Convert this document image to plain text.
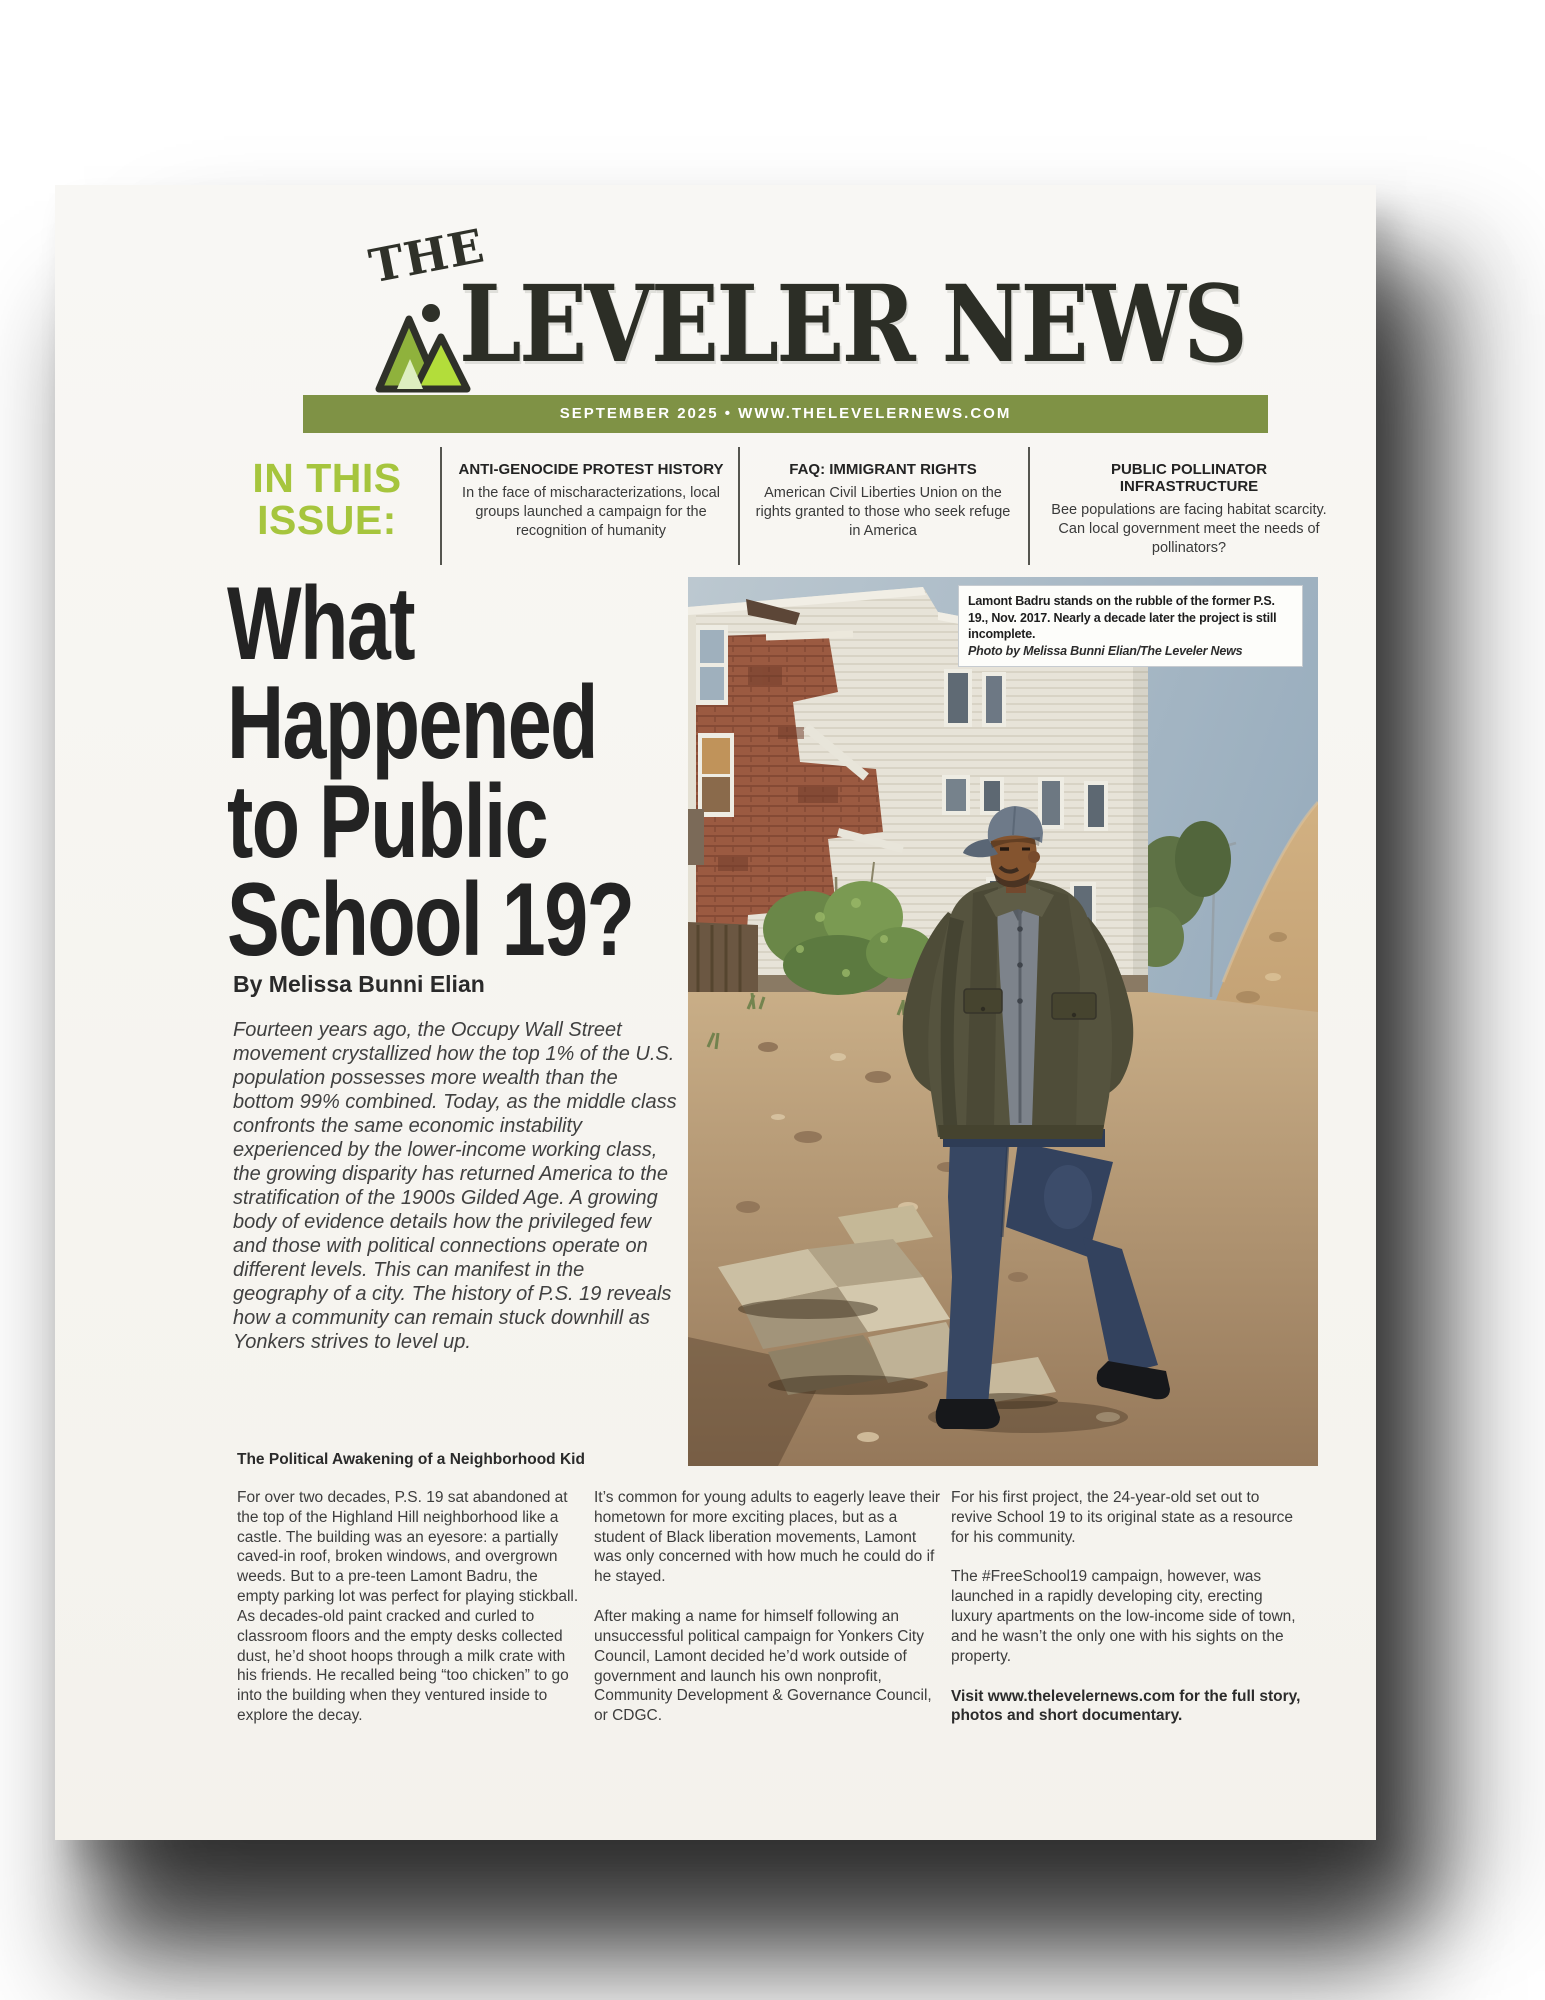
THE
LEVELER NEWS
SEPTEMBER 2025 • WWW.THELEVELERNEWS.COM
IN THIS ISSUE:
ANTI-GENOCIDE PROTEST HISTORY

In the face of mischaracterizations, local groups launched a campaign for the recognition of humanity

FAQ: IMMIGRANT RIGHTS

American Civil Liberties Union on the rights granted to those who seek refuge in America

PUBLIC POLLINATOR INFRASTRUCTURE

Bee populations are facing habitat scarcity. Can local government meet the needs of pollinators?

What
Happened
to Public
School 19?
By Melissa Bunni Elian
Fourteen years ago, the Occupy Wall Street movement crystallized how the top 1% of the U.S. population possesses more wealth than the bottom 99% combined. Today, as the middle class confronts the same economic instability experienced by the lower-income working class, the growing disparity has returned America to the stratification of the 1900s Gilded Age. A growing body of evidence details how the privileged few and those with political connections operate on different levels. This can manifest in the geography of a city. The history of P.S. 19 reveals how a community can remain stuck downhill as Yonkers strives to level up.
Lamont Badru stands on the rubble of the former P.S. 19., Nov. 2017. Nearly a decade later the project is still incomplete.
Photo by Melissa Bunni Elian/The Leveler News
The Political Awakening of a Neighborhood Kid

For over two decades, P.S. 19 sat abandoned at the top of the Highland Hill neighborhood like a castle. The building was an eyesore: a partially caved-in roof, broken windows, and overgrown weeds. But to a pre-teen Lamont Badru, the empty parking lot was perfect for playing stickball. As decades-old paint cracked and curled to classroom floors and the empty desks collected dust, he’d shoot hoops through a milk crate with his friends. He recalled being “too chicken” to go into the building when they ventured inside to explore the decay.

It’s common for young adults to eagerly leave their hometown for more exciting places, but as a student of Black liberation movements, Lamont was only concerned with how much he could do if he stayed.

After making a name for himself following an unsuccessful political campaign for Yonkers City Council, Lamont decided he’d work outside of government and launch his own nonprofit, Community Development & Governance Council, or CDGC.

For his first project, the 24-year-old set out to revive School 19 to its original state as a resource for his community.

The #FreeSchool19 campaign, however, was launched in a rapidly developing city, erecting luxury apartments on the low-income side of town, and he wasn’t the only one with his sights on the property.

Visit www.thelevelernews.com for the full story, photos and short documentary.
